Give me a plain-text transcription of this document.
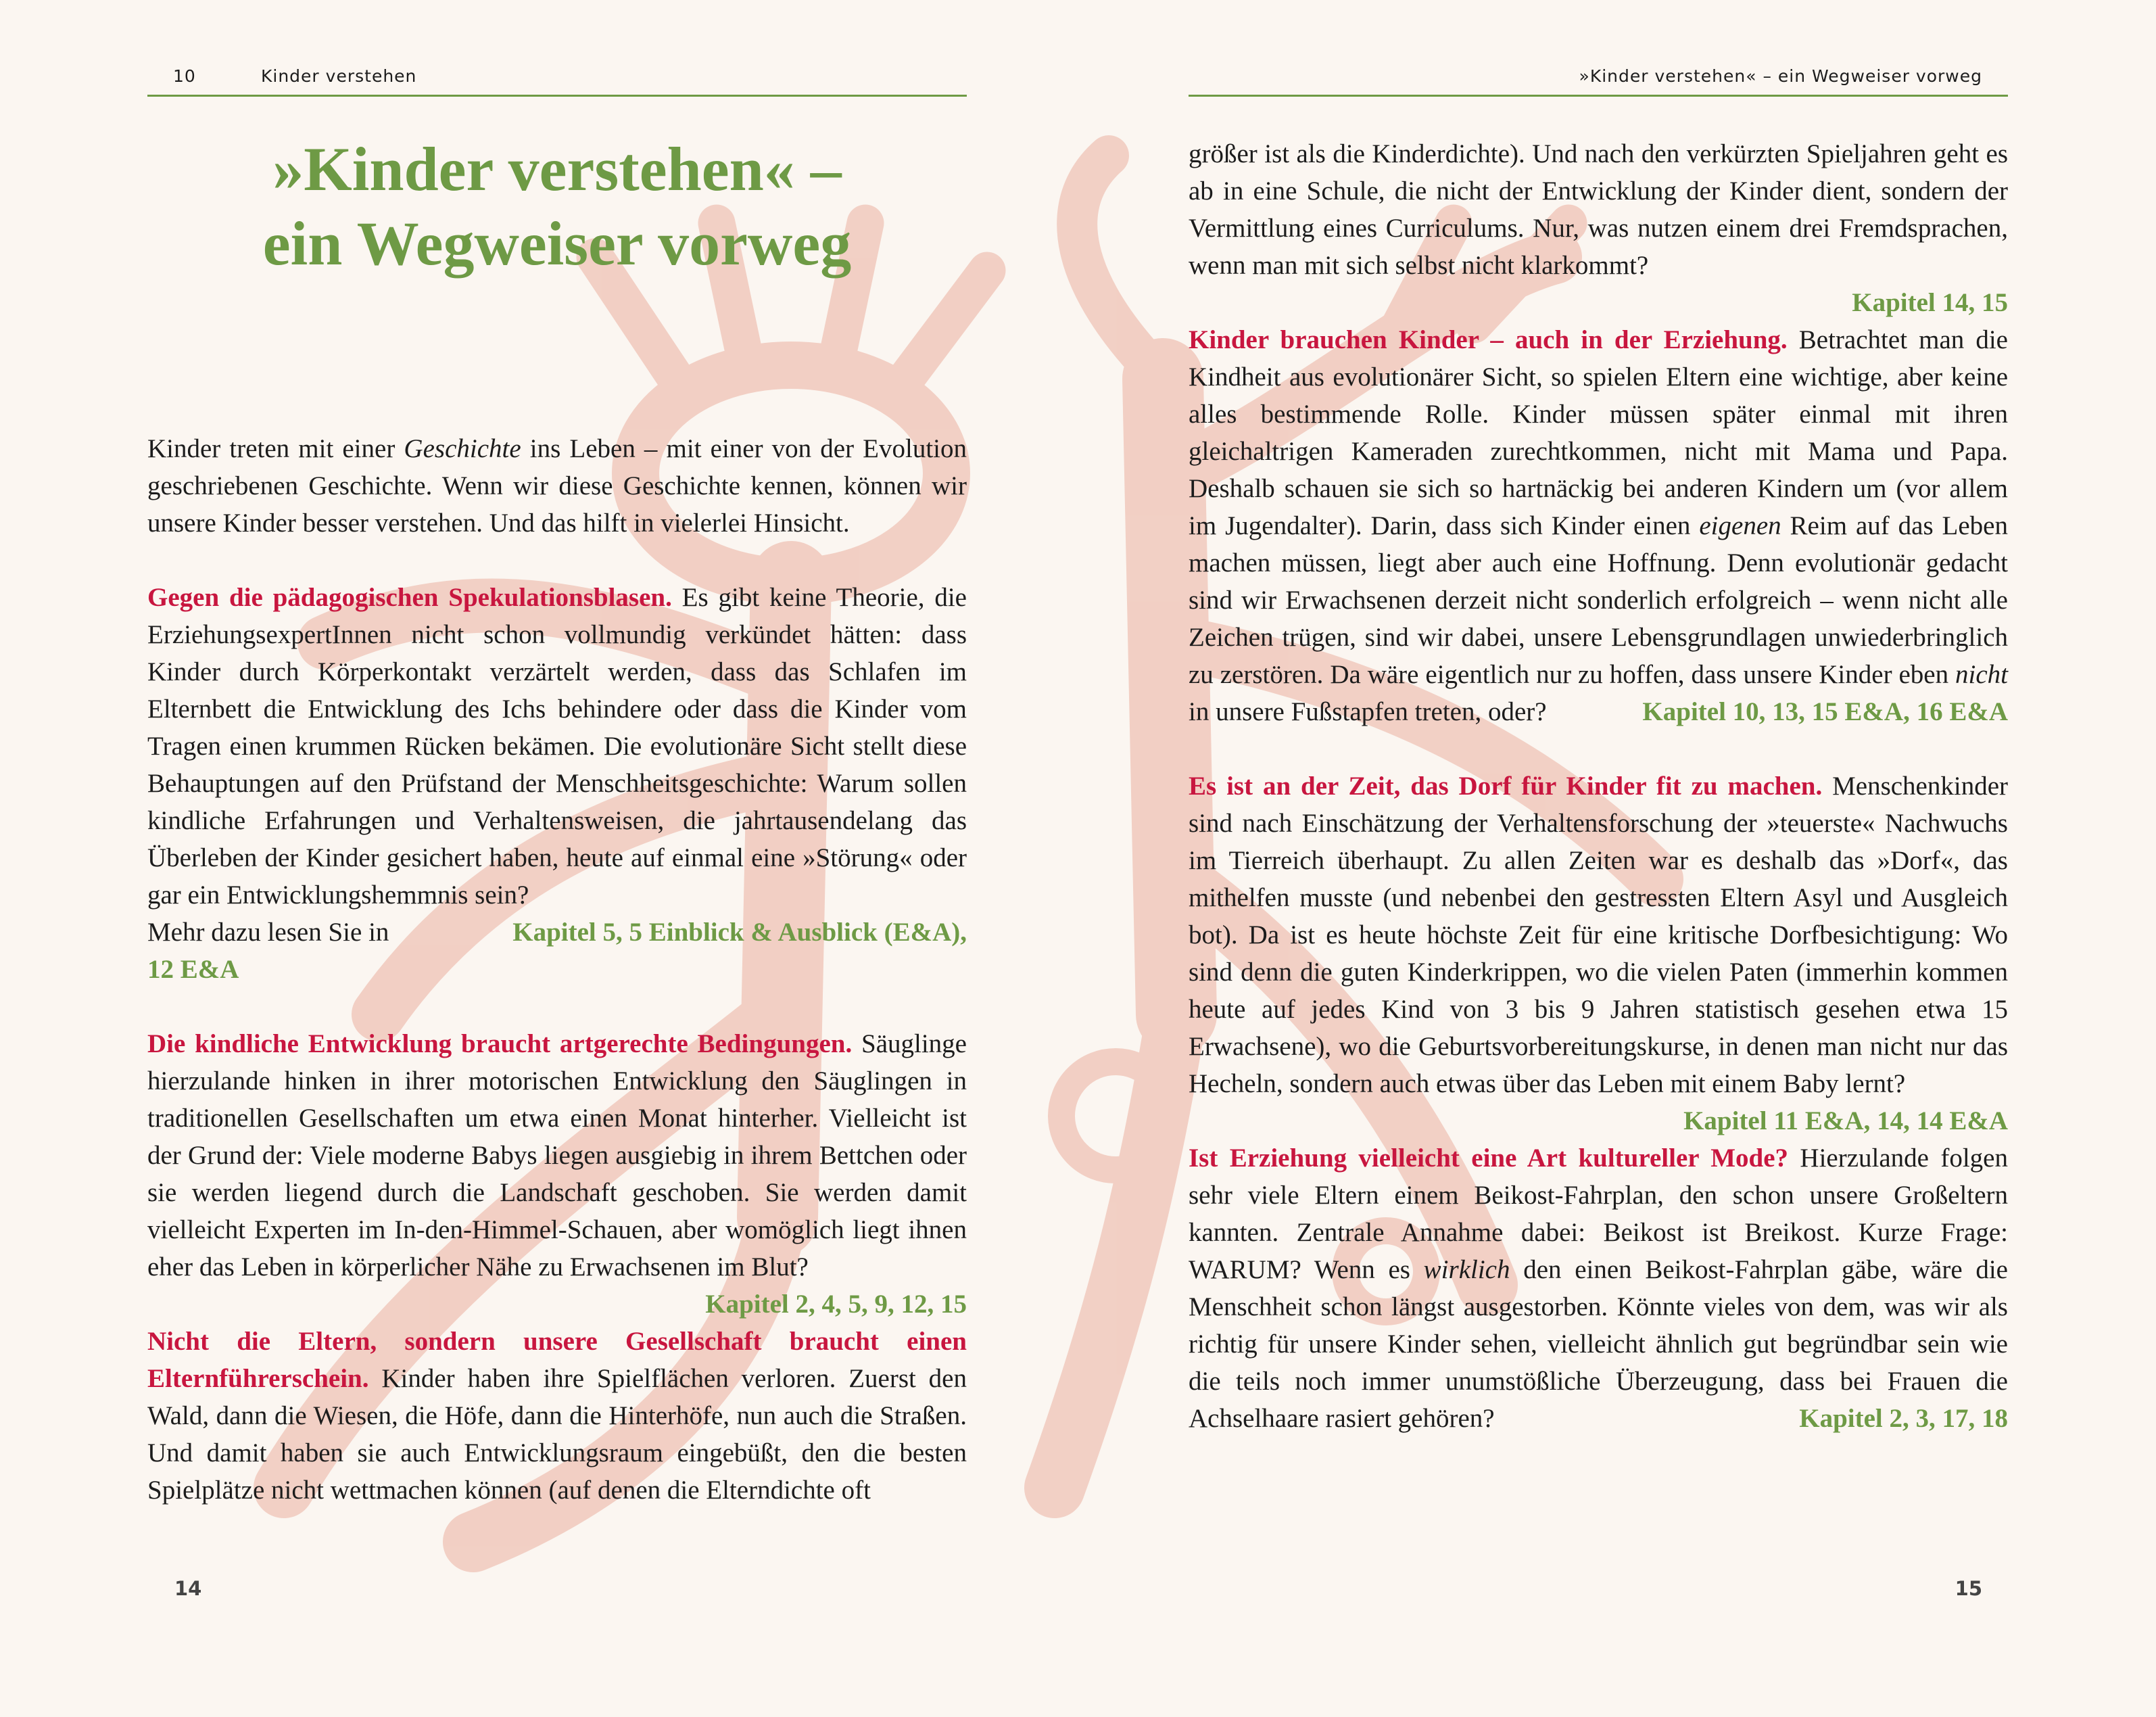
10	Kinder verstehen
»Kinder verstehen« –
ein Wegweiser vorweg

Kinder treten mit einer Geschichte ins Leben – mit einer von der Evolution geschriebenen Geschichte. Wenn wir diese Geschichte kennen, können wir unsere Kinder besser verstehen. Und das hilft in vielerlei Hinsicht.

Gegen die pädagogischen Spekulationsblasen. Es gibt keine Theorie, die ErziehungsexpertInnen nicht schon vollmundig verkündet hätten: dass Kinder durch Körperkontakt verzärtelt werden, dass das Schlafen im Elternbett die Entwicklung des Ichs behindere oder dass die Kinder vom Tragen einen krummen Rücken bekämen. Die evolutionäre Sicht stellt diese Behauptungen auf den Prüfstand der Menschheitsgeschichte: Warum sollen kindliche Erfahrungen und Verhaltensweisen, die jahrtausendelang das Überleben der Kinder gesichert haben, heute auf einmal eine »Störung« oder gar ein Entwicklungshemmnis sein?
Mehr dazu lesen Sie in	Kapitel 5, 5 Einblick & Ausblick (E&A),

12 E&A

Die kindliche Entwicklung braucht artgerechte Bedingungen. Säuglinge hierzulande hinken in ihrer motorischen Entwicklung den Säuglingen in traditionellen Gesellschaften um etwa einen Monat hinterher. Vielleicht ist der Grund der: Viele moderne Babys liegen ausgiebig in ihrem Bettchen oder sie werden liegend durch die Landschaft geschoben. Sie werden damit vielleicht Experten im In-den-Himmel-Schauen, aber womöglich liegt ihnen eher das Leben in körperlicher Nähe zu Erwachsenen im Blut?
Kapitel 2, 4, 5, 9, 12, 15

Nicht die Eltern, sondern unsere Gesellschaft braucht einen Elternführerschein. Kinder haben ihre Spielflächen verloren. Zuerst den Wald, dann die Wiesen, die Höfe, dann die Hinterhöfe, nun auch die Straßen. Und damit haben sie auch Entwicklungsraum eingebüßt, den die besten Spielplätze nicht wettmachen können (auf denen die Elterndichte oft

14
»Kinder verstehen« – ein Wegweiser vorweg

größer ist als die Kinderdichte). Und nach den verkürzten Spieljahren geht es ab in eine Schule, die nicht der Entwicklung der Kinder dient, sondern der Vermittlung eines Curriculums. Nur, was nutzen einem drei Fremdsprachen, wenn man mit sich selbst nicht klarkommt?

Kapitel 14, 15

Kinder brauchen Kinder – auch in der Erziehung. Betrachtet man die Kindheit aus evolutionärer Sicht, so spielen Eltern eine wichtige, aber keine alles bestimmende Rolle. Kinder müssen später einmal mit ihren gleichaltrigen Kameraden zurechtkommen, nicht mit Mama und Papa. Deshalb schauen sie sich so hartnäckig bei anderen Kindern um (vor allem im Jugendalter). Darin, dass sich Kinder einen eigenen Reim auf das Leben machen müssen, liegt aber auch eine Hoffnung. Denn evolutionär gedacht sind wir Erwachsenen derzeit nicht sonderlich erfolgreich – wenn nicht alle Zeichen trügen, sind wir dabei, unsere Lebensgrundlagen unwiederbringlich zu zerstören. Da wäre eigentlich nur zu hoffen, dass unsere Kinder eben nicht in unsere Fußstapfen treten, oder?	Kapitel 10, 13, 15 E&A, 16 E&A

Es ist an der Zeit, das Dorf für Kinder fit zu machen. Menschenkinder sind nach Einschätzung der Verhaltensforschung der »teuerste« Nachwuchs im Tierreich überhaupt. Zu allen Zeiten war es deshalb das »Dorf«, das mithelfen musste (und nebenbei den gestressten Eltern Asyl und Ausgleich bot). Da ist es heute höchste Zeit für eine kritische Dorfbesichtigung: Wo sind denn die guten Kinderkrippen, wo die vielen Paten (immerhin kommen heute auf jedes Kind von 3 bis 9 Jahren statistisch gesehen etwa 15 Erwachsene), wo die Geburtsvorbereitungskurse, in denen man nicht nur das Hecheln, sondern auch etwas über das Leben mit einem Baby lernt?
Kapitel 11 E&A, 14, 14 E&A

Ist Erziehung vielleicht eine Art kultureller Mode? Hierzulande folgen sehr viele Eltern einem Beikost-Fahrplan, den schon unsere Großeltern kannten. Zentrale Annahme dabei: Beikost ist Breikost. Kurze Frage: WARUM? Wenn es wirklich den einen Beikost-Fahrplan gäbe, wäre die Menschheit schon längst ausgestorben. Könnte vieles von dem, was wir als richtig für unsere Kinder sehen, vielleicht ähnlich gut begründbar sein wie die teils noch immer unumstößliche Überzeugung, dass bei Frauen die Achselhaare rasiert gehören?	Kapitel 2, 3, 17, 18

15
